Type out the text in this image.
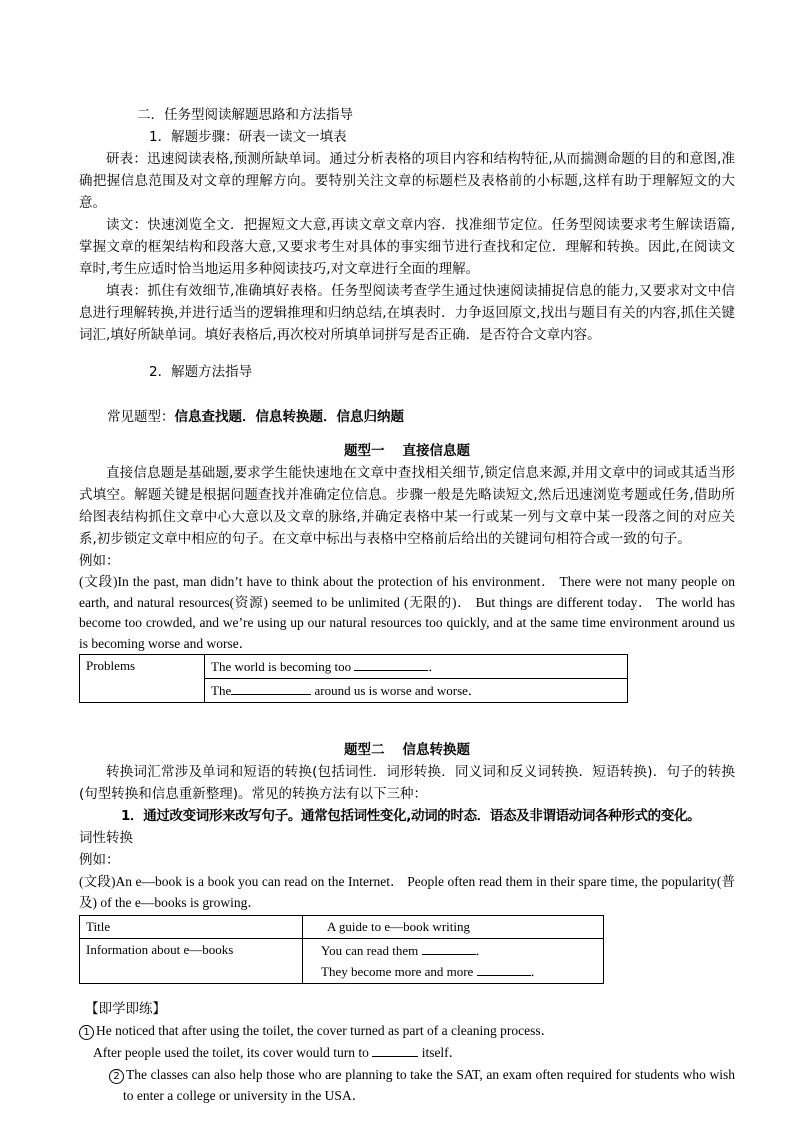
二．任务型阅读解题思路和方法指导

1．解题步骤：研表一读文一填表

研表：迅速阅读表格,预测所缺单词。通过分析表格的项目内容和结构特征,从而揣测命题的目的和意图,准确把握信息范围及对文章的理解方向。要特别关注文章的标题栏及表格前的小标题,这样有助于理解短文的大意。

读文：快速浏览全文．把握短文大意,再读文章文章内容．找准细节定位。任务型阅读要求考生解读语篇,掌握文章的框架结构和段落大意,又要求考生对具体的事实细节进行查找和定位．理解和转换。因此,在阅读文章时,考生应适时恰当地运用多种阅读技巧,对文章进行全面的理解。

填表：抓住有效细节,准确填好表格。任务型阅读考查学生通过快速阅读捕捉信息的能力,又要求对文中信息进行理解转换,并进行适当的逻辑推理和归纳总结,在填表时．力争返回原文,找出与题目有关的内容,抓住关键词汇,填好所缺单词。填好表格后,再次校对所填单词拼写是否正确．是否符合文章内容。

2．解题方法指导

常见题型：信息查找题．信息转换题．信息归纳题

题型一 直接信息题

直接信息题是基础题,要求学生能快速地在文章中查找相关细节,锁定信息来源,并用文章中的词或其适当形式填空。解题关键是根据问题查找并准确定位信息。步骤一般是先略读短文,然后迅速浏览考题或任务,借助所给图表结构抓住文章中心大意以及文章的脉络,并确定表格中某一行或某一列与文章中某一段落之间的对应关系,初步锁定文章中相应的句子。在文章中标出与表格中空格前后给出的关键词句相符合或一致的句子。

例如：

(文段)In the past, man didn’t have to think about the protection of his environment． There were not many people on earth, and natural resources(资源) seemed to be unlimited (无限的)． But things are different today． The world has become too crowded, and we’re using up our natural resources too quickly, and at the same time environment around us is becoming worse and worse．

Problems	The world is becoming too	．
The	around us is worse and worse．

题型二 信息转换题

转换词汇常涉及单词和短语的转换(包括词性．词形转换．同义词和反义词转换．短语转换)．句子的转换(句型转换和信息重新整理)。常见的转换方法有以下三种：

1．通过改变词形来改写句子。通常包括词性变化,动词的时态．语态及非谓语动词各种形式的变化。

词性转换

例如：

(文段)An e—book is a book you can read on the Internet． People often read them in their spare time, the popularity(普及) of the e—books is growing．

Title	A guide to e—book writing
Information about e—books	You can read them ．
They become more and more ．

【即学即练】

1 He noticed that after using the toilet, the cover turned as part of a cleaning process．

After people used the toilet, its cover would turn to	itself．

2 The classes can also help those who are planning to take the SAT, an exam often required for students who wish to enter a college or university in the USA．
